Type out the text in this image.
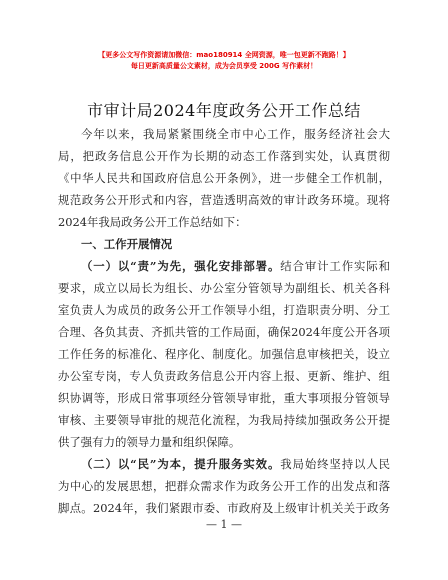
【更多公文写作资源请加微信：mao180914 全网资源，唯一包更新不跑路！】
每日更新高质量公文素材，成为会员享受 200G 写作素材！
市审计局2024年度政务公开工作总结
今年以来，我局紧紧围绕全市中心工作，服务经济社会大
局，把政务信息公开作为长期的动态工作落到实处，认真贯彻
《中华人民共和国政府信息公开条例》，进一步健全工作机制，
规范政务公开形式和内容，营造透明高效的审计政务环境。现将
2024年我局政务公开工作总结如下：
一、工作开展情况
（一）以“责”为先，强化安排部署。结合审计工作实际和
要求，成立以局长为组长、办公室分管领导为副组长、机关各科
室负责人为成员的政务公开工作领导小组，打造职责分明、分工
合理、各负其责、齐抓共管的工作局面，确保2024年度公开各项
工作任务的标准化、程序化、制度化。加强信息审核把关，设立
办公室专岗，专人负责政务信息公开内容上报、更新、维护、组
织协调等，形成日常事项经分管领导审批，重大事项报分管领导
审核、主要领导审批的规范化流程，为我局持续加强政务公开提
供了强有力的领导力量和组织保障。
（二）以“民”为本，提升服务实效。我局始终坚持以人民
为中心的发展思想，把群众需求作为政务公开工作的出发点和落
脚点。2024年，我们紧跟市委、市政府及上级审计机关关于政务
— 1 —
